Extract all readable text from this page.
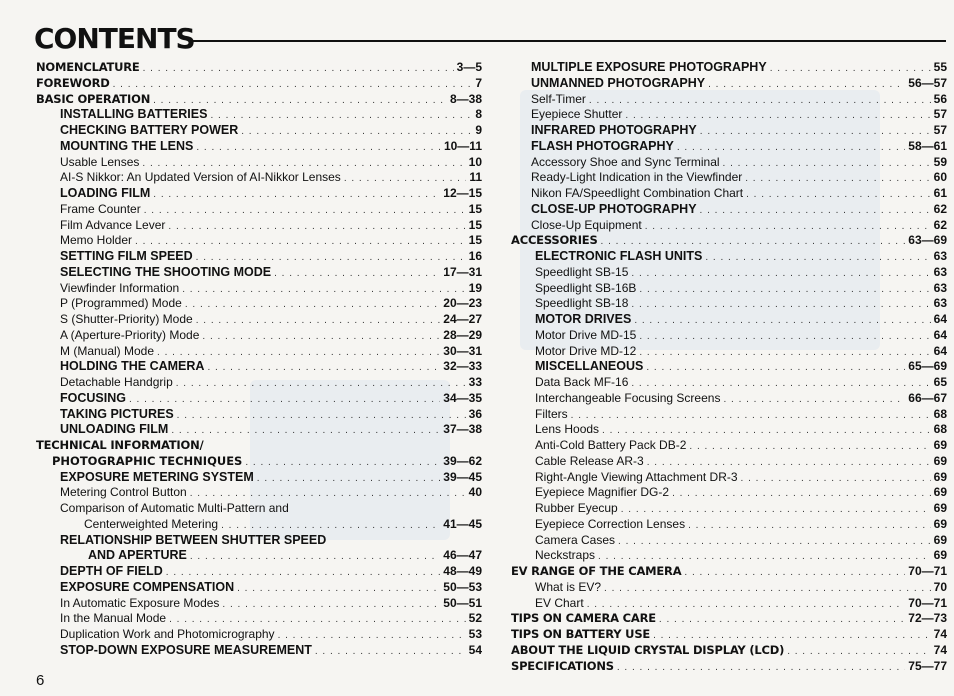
CONTENTS
NOMENCLATURE . . .	3—5
FOREWORD . . .	7
BASIC OPERATION . . .	8—38
INSTALLING BATTERIES . . .	8
CHECKING BATTERY POWER . . .	9
MOUNTING THE LENS . . .	10—11
Usable Lenses . . .	10
AI-S Nikkor: An Updated Version of AI-Nikkor Lenses . . .	11
LOADING FILM . . .	12—15
Frame Counter . . .	15
Film Advance Lever . . .	15
Memo Holder . . .	15
SETTING FILM SPEED . . .	16
SELECTING THE SHOOTING MODE . . .	17—31
Viewfinder Information . . .	19
P (Programmed) Mode . . .	20—23
S (Shutter-Priority) Mode . . .	24—27
A (Aperture-Priority) Mode . . .	28—29
M (Manual) Mode . . .	30—31
HOLDING THE CAMERA . . .	32—33
Detachable Handgrip . . .	33
FOCUSING . . .	34—35
TAKING PICTURES . . .	36
UNLOADING FILM . . .	37—38
TECHNICAL INFORMATION/
PHOTOGRAPHIC TECHNIQUES . . .	39—62
EXPOSURE METERING SYSTEM . . .	39—45
Metering Control Button . . .	40
Comparison of Automatic Multi-Pattern and
Centerweighted Metering . . .	41—45
RELATIONSHIP BETWEEN SHUTTER SPEED
AND APERTURE . . .	46—47
DEPTH OF FIELD . . .	48—49
EXPOSURE COMPENSATION . . .	50—53
In Automatic Exposure Modes . . .	50—51
In the Manual Mode . . .	52
Duplication Work and Photomicrography . . .	53
STOP-DOWN EXPOSURE MEASUREMENT . . .	54
MULTIPLE EXPOSURE PHOTOGRAPHY . . .	55
UNMANNED PHOTOGRAPHY . . .	56—57
Self-Timer . . .	56
Eyepiece Shutter . . .	57
INFRARED PHOTOGRAPHY . . .	57
FLASH PHOTOGRAPHY . . .	58—61
Accessory Shoe and Sync Terminal . . .	59
Ready-Light Indication in the Viewfinder . . .	60
Nikon FA/Speedlight Combination Chart . . .	61
CLOSE-UP PHOTOGRAPHY . . .	62
Close-Up Equipment . . .	62
ACCESSORIES . . .	63—69
ELECTRONIC FLASH UNITS . . .	63
Speedlight SB-15 . . .	63
Speedlight SB-16B . . .	63
Speedlight SB-18 . . .	63
MOTOR DRIVES . . .	64
Motor Drive MD-15 . . .	64
Motor Drive MD-12 . . .	64
MISCELLANEOUS . . .	65—69
Data Back MF-16 . . .	65
Interchangeable Focusing Screens . . .	66—67
Filters . . .	68
Lens Hoods . . .	68
Anti-Cold Battery Pack DB-2 . . .	69
Cable Release AR-3 . . .	69
Right-Angle Viewing Attachment DR-3 . . .	69
Eyepiece Magnifier DG-2 . . .	69
Rubber Eyecup . . .	69
Eyepiece Correction Lenses . . .	69
Camera Cases . . .	69
Neckstraps . . .	69
EV RANGE OF THE CAMERA . . .	70—71
What is EV? . . .	70
EV Chart . . .	70—71
TIPS ON CAMERA CARE . . .	72—73
TIPS ON BATTERY USE . . .	74
ABOUT THE LIQUID CRYSTAL DISPLAY (LCD) . . .	74
SPECIFICATIONS . . .	75—77
6
